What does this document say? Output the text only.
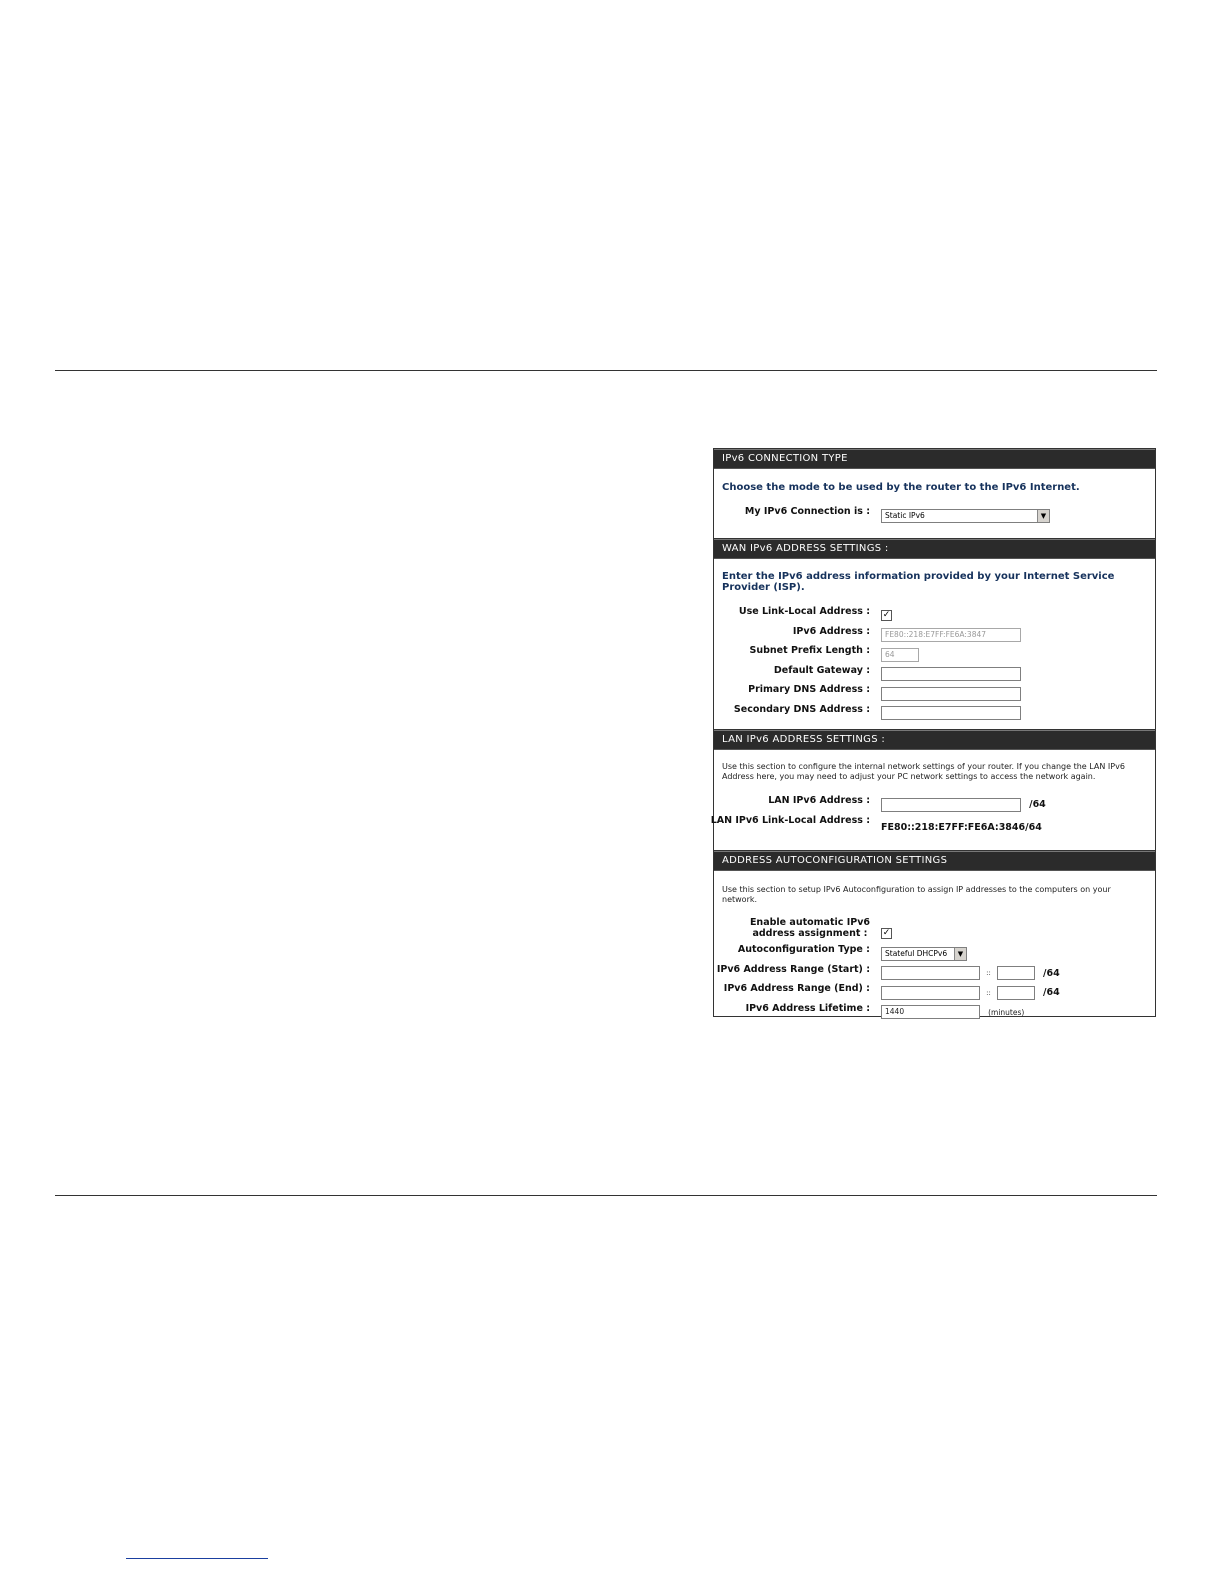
IPv6 CONNECTION TYPE
Choose the mode to be used by the router to the IPv6 Internet.
My IPv6 Connection is :	Static IPv6	▼
WAN IPv6 ADDRESS SETTINGS :
Enter the IPv6 address information provided by your Internet Service Provider (ISP).
Use Link-Local Address : ✓
IPv6 Address :	FE80::218:E7FF:FE6A:3847
Subnet Prefix Length :	64
Default Gateway :
Primary DNS Address :
Secondary DNS Address :
LAN IPv6 ADDRESS SETTINGS :
Use this section to configure the internal network settings of your router. If you change the LAN IPv6 Address here, you may need to adjust your PC network settings to access the network again.
LAN IPv6 Address :	/64
LAN IPv6 Link-Local Address :
FE80::218:E7FF:FE6A:3846/64
ADDRESS AUTOCONFIGURATION SETTINGS
Use this section to setup IPv6 Autoconfiguration to assign IP addresses to the computers on your network.
Enable automatic IPv6
address assignment : ✓
Autoconfiguration Type :	Stateful DHCPv6	▼
IPv6 Address Range (Start) :	::	/64
IPv6 Address Range (End) :	::	/64
IPv6 Address Lifetime :	1440	(minutes)
